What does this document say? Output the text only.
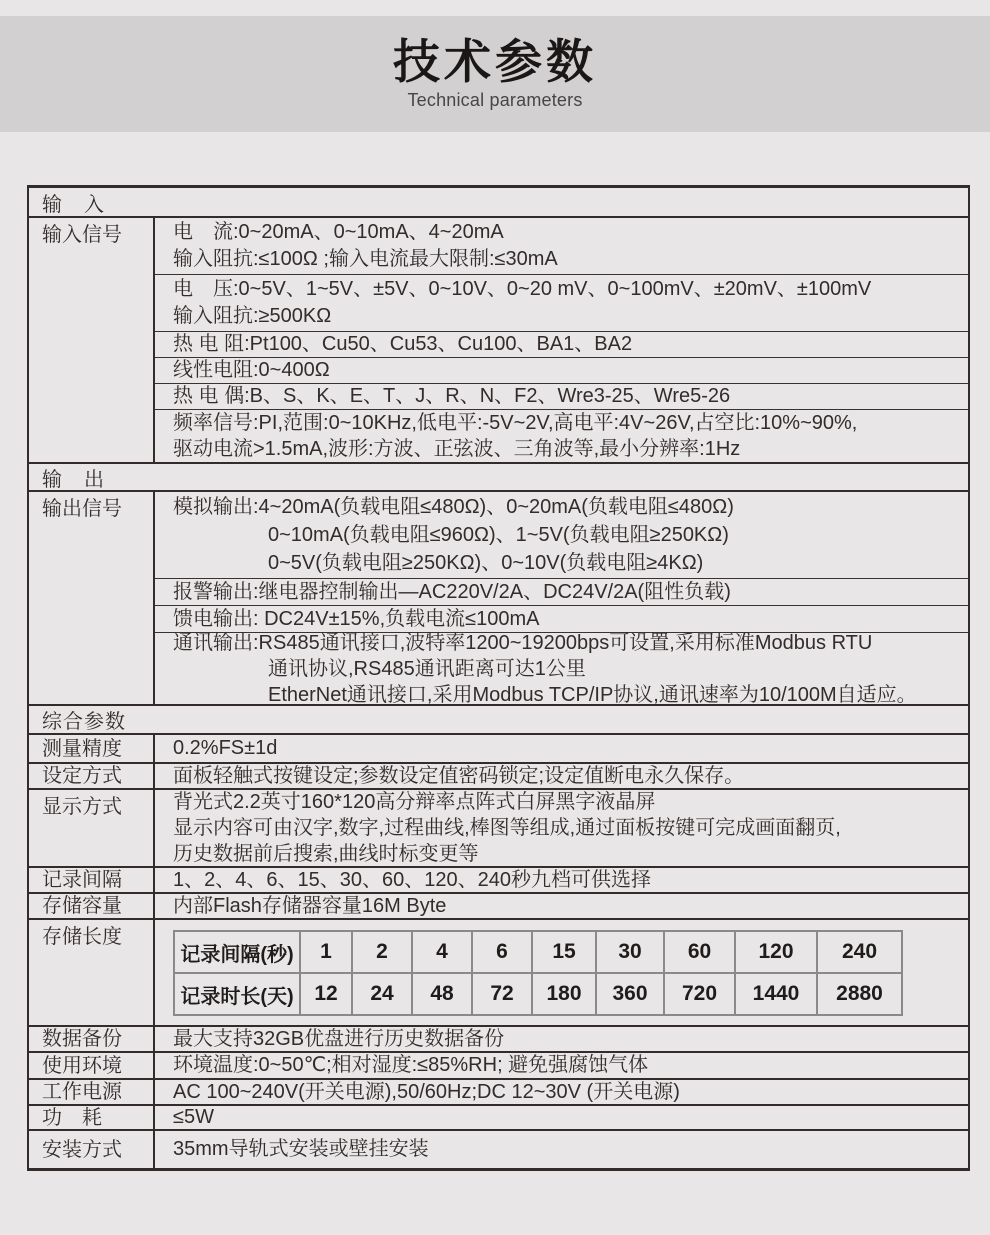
技术参数
Technical parameters
输　入
输入信号	电　流:0~20mA、0~10mA、4~20mA
输入阻抗:≤100Ω ;输入电流最大限制:≤30mA
电　压:0~5V、1~5V、±5V、0~10V、0~20 mV、0~100mV、±20mV、±100mV
输入阻抗:≥500KΩ
热 电 阻:Pt100、Cu50、Cu53、Cu100、BA1、BA2
线性电阻:0~400Ω
热 电 偶:B、S、K、E、T、J、R、N、F2、Wre3-25、Wre5-26
频率信号:PI,范围:0~10KHz,低电平:-5V~2V,高电平:4V~26V,占空比:10%~90%,
驱动电流>1.5mA,波形:方波、正弦波、三角波等,最小分辨率:1Hz
输　出
输出信号	模拟输出:4~20mA(负载电阻≤480Ω)、0~20mA(负载电阻≤480Ω)
0~10mA(负载电阻≤960Ω)、1~5V(负载电阻≥250KΩ)
0~5V(负载电阻≥250KΩ)、0~10V(负载电阻≥4KΩ)
报警输出:继电器控制输出—AC220V/2A、DC24V/2A(阻性负载)
馈电输出: DC24V±15%,负载电流≤100mA
通讯输出:RS485通讯接口,波特率1200~19200bps可设置,采用标准Modbus RTU
通讯协议,RS485通讯距离可达1公里
EtherNet通讯接口,采用Modbus TCP/IP协议,通讯速率为10/100M自适应。
综合参数
测量精度	0.2%FS±1d
设定方式	面板轻触式按键设定;参数设定值密码锁定;设定值断电永久保存。
显示方式	背光式2.2英寸160*120高分辩率点阵式白屏黑字液晶屏
显示内容可由汉字,数字,过程曲线,棒图等组成,通过面板按键可完成画面翻页,
历史数据前后搜索,曲线时标变更等
记录间隔	1、2、4、6、15、30、60、120、240秒九档可供选择
存储容量	内部Flash存储器容量16M Byte
存储长度
记录间隔(秒)	1	2	4	6	15	30	60	120	240
记录时长(天)	12	24	48	72	180	360	720	1440	2880
数据备份	最大支持32GB优盘进行历史数据备份
使用环境	环境温度:0~50℃;相对湿度:≤85%RH; 避免强腐蚀气体
工作电源	AC 100~240V(开关电源),50/60Hz;DC 12~30V (开关电源)
功　耗	≤5W
安装方式	35mm导轨式安装或壁挂安装
